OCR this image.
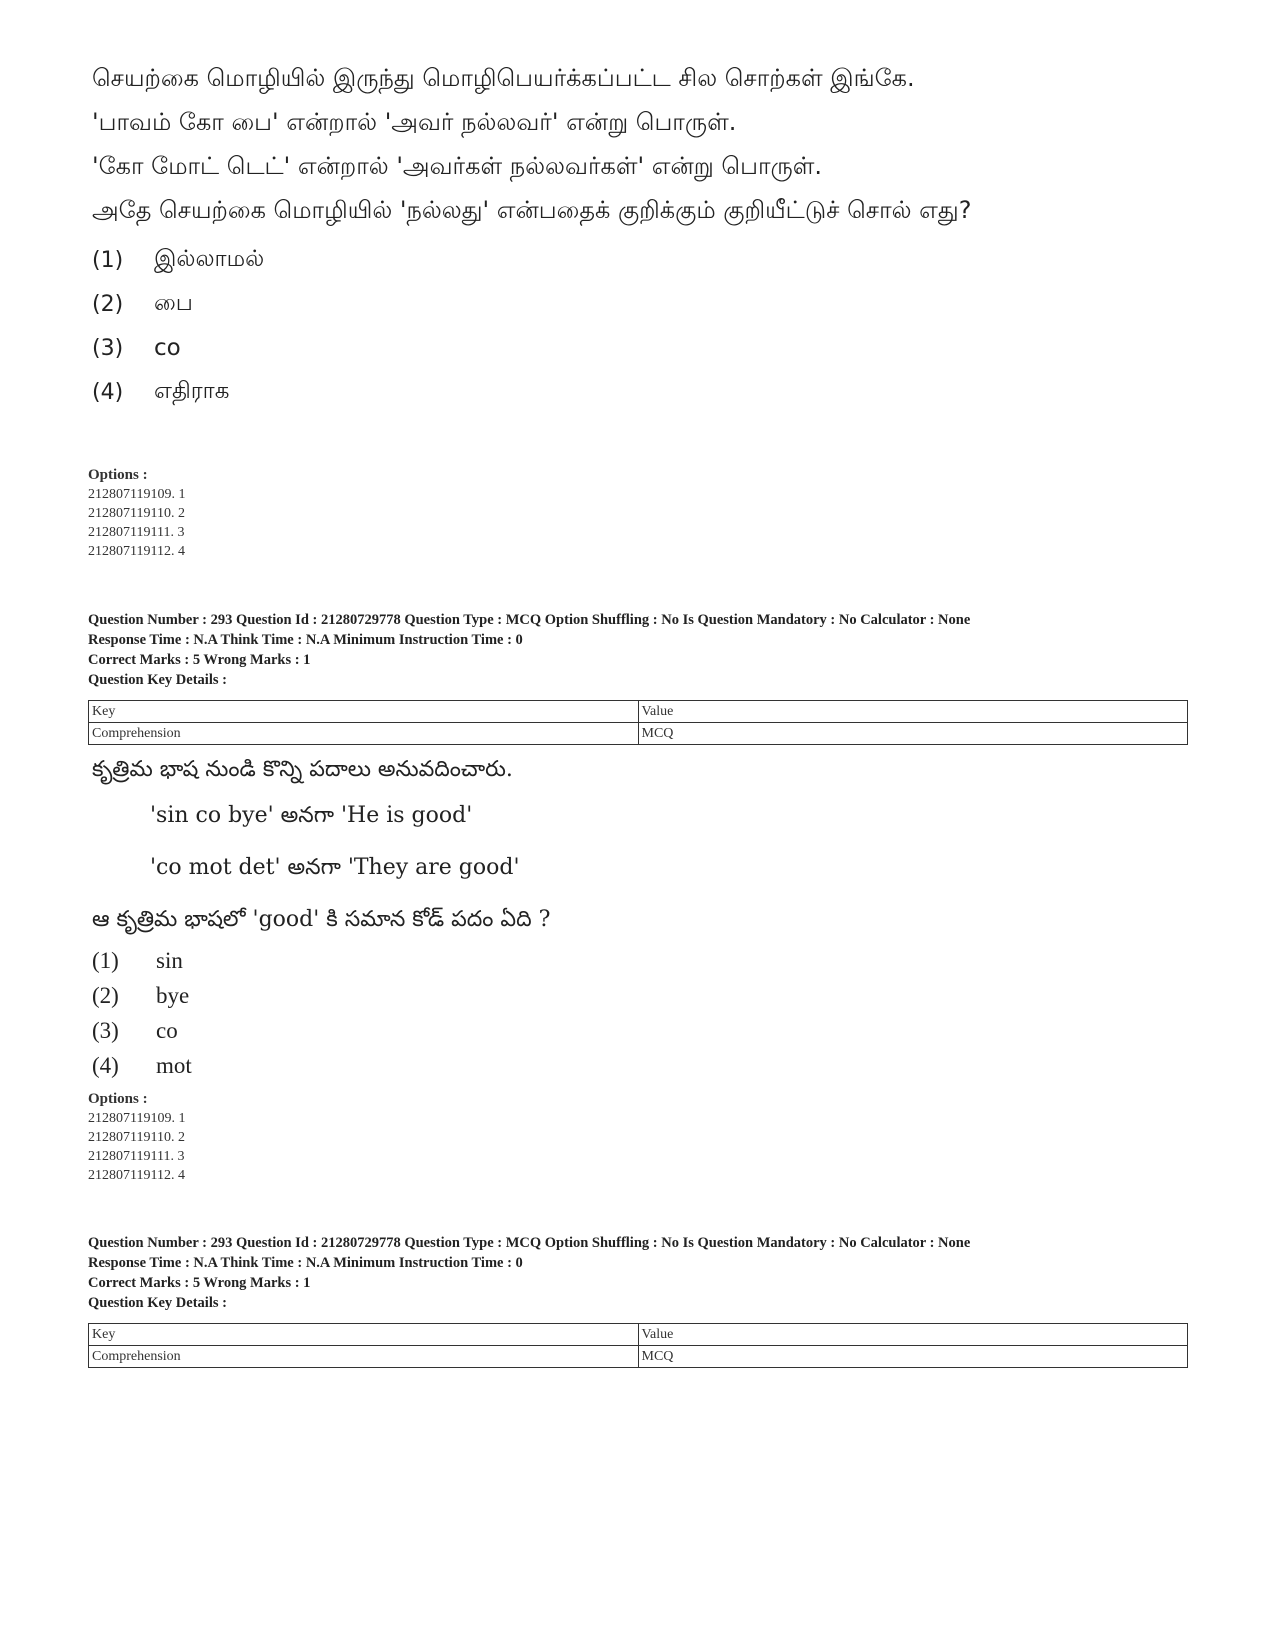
செயற்கை மொழியில் இருந்து மொழிபெயர்க்கப்பட்ட சில சொற்கள் இங்கே.
'பாவம் கோ பை' என்றால் 'அவர் நல்லவர்' என்று பொருள்.
'கோ மோட் டெட்' என்றால் 'அவர்கள் நல்லவர்கள்' என்று பொருள்.
அதே செயற்கை மொழியில் 'நல்லது' என்பதைக் குறிக்கும் குறியீட்டுச் சொல் எது?
(1)	இல்லாமல்
(2)	பை
(3)	co
(4)	எதிராக
Options :
212807119109. 1
212807119110. 2
212807119111. 3
212807119112. 4
Question Number : 293 Question Id : 21280729778 Question Type : MCQ Option Shuffling : No Is Question Mandatory : No Calculator : None
Response Time : N.A Think Time : N.A Minimum Instruction Time : 0
Correct Marks : 5 Wrong Marks : 1
Question Key Details :
Key	Value
Comprehension	MCQ
కృత్రిమ భాష నుండి కొన్ని పదాలు అనువదించారు.
'sin co bye' అనగా 'He is good'
'co mot det' అనగా 'They are good'
ఆ కృత్రిమ భాషలో 'good' కి సమాన కోడ్ పదం ఏది ?
(1)	sin
(2)	bye
(3)	co
(4)	mot
Options :
212807119109. 1
212807119110. 2
212807119111. 3
212807119112. 4
Question Number : 293 Question Id : 21280729778 Question Type : MCQ Option Shuffling : No Is Question Mandatory : No Calculator : None
Response Time : N.A Think Time : N.A Minimum Instruction Time : 0
Correct Marks : 5 Wrong Marks : 1
Question Key Details :
Key	Value
Comprehension	MCQ
